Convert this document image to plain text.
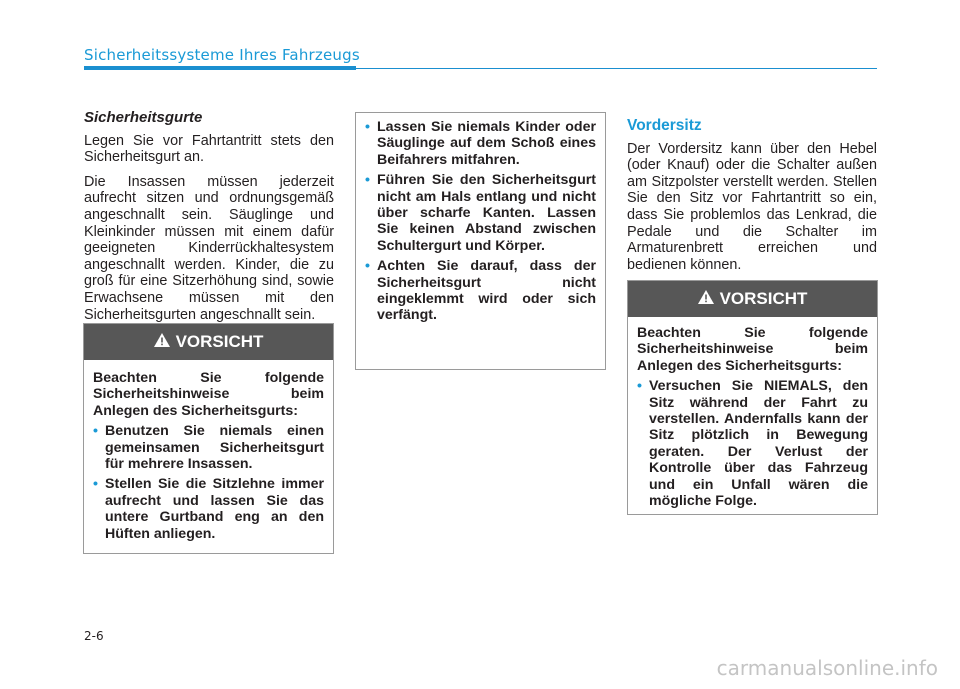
Sicherheitssysteme Ihres Fahrzeugs
Sicherheitsgurte

Legen Sie vor Fahrtantritt stets den Sicherheitsgurt an.

Die Insassen müssen jederzeit aufrecht sitzen und ordnungsgemäß angeschnallt sein. Säuglinge und Kleinkinder müssen mit einem dafür geeigneten Kinderrückhaltesystem angeschnallt werden. Kinder, die zu groß für eine Sitzerhöhung sind, sowie Erwachsene müssen mit den Sicherheitsgurten angeschnallt sein.

VORSICHT

Beachten Sie folgende Sicherheitshinweise beim Anlegen des Sicherheitsgurts:

• Benutzen Sie niemals einen gemeinsamen Sicherheitsgurt für mehrere Insassen.
• Stellen Sie die Sitzlehne immer aufrecht und lassen Sie das untere Gurtband eng an den Hüften anliegen.
• Lassen Sie niemals Kinder oder Säuglinge auf dem Schoß eines Beifahrers mitfahren.
• Führen Sie den Sicherheitsgurt nicht am Hals entlang und nicht über scharfe Kanten. Lassen Sie keinen Abstand zwischen Schultergurt und Körper.
• Achten Sie darauf, dass der Sicherheitsgurt nicht eingeklemmt wird oder sich verfängt.
Vordersitz

Der Vordersitz kann über den Hebel (oder Knauf) oder die Schalter außen am Sitzpolster verstellt werden. Stellen Sie den Sitz vor Fahrtantritt so ein, dass Sie problemlos das Lenkrad, die Pedale und die Schalter im Armaturenbrett erreichen und bedienen können.

VORSICHT

Beachten Sie folgende Sicherheitshinweise beim Anlegen des Sicherheitsgurts:

• Versuchen Sie NIEMALS, den Sitz während der Fahrt zu verstellen. Andernfalls kann der Sitz plötzlich in Bewegung geraten. Der Verlust der Kontrolle über das Fahrzeug und ein Unfall wären die mögliche Folge.
2-6
carmanualsonline.info
